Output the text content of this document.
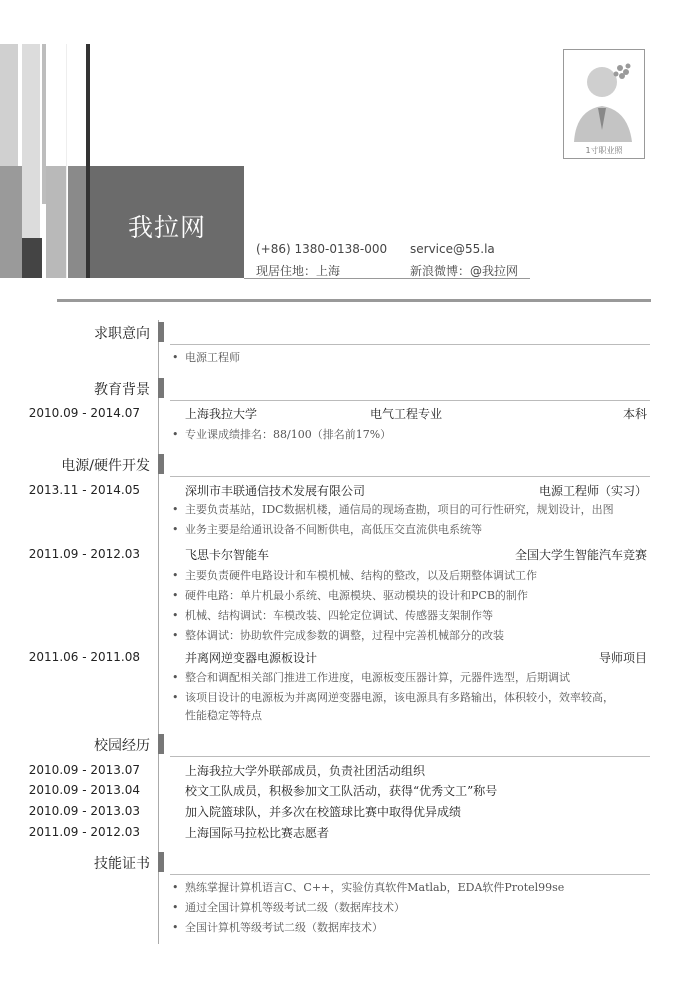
我拉网
(+86) 1380-0138-000 service@55.la
现居住地：上海	新浪微博：@我拉网
1寸职业照
求职意向
• 电源工程师
教育背景
2010.09 - 2014.07	上海我拉大学	电气工程专业	本科
• 专业课成绩排名：88/100（排名前17%）
电源/硬件开发
2013.11 - 2014.05	深圳市丰联通信技术发展有限公司	电源工程师（实习）
• 主要负责基站，IDC数据机楼，通信局的现场查勘，项目的可行性研究，规划设计，出图
• 业务主要是给通讯设备不间断供电，高低压交直流供电系统等
2011.09 - 2012.03	飞思卡尔智能车	全国大学生智能汽车竞赛
• 主要负责硬件电路设计和车模机械、结构的整改，以及后期整体调试工作
• 硬件电路：单片机最小系统、电源模块、驱动模块的设计和PCB的制作
• 机械、结构调试：车模改装、四轮定位调试、传感器支架制作等
• 整体调试：协助软件完成参数的调整，过程中完善机械部分的改装
2011.06 - 2011.08	并离网逆变器电源板设计	导师项目
• 整合和调配相关部门推进工作进度，电源板变压器计算，元器件选型，后期调试
• 该项目设计的电源板为并离网逆变器电源，该电源具有多路输出，体积较小，效率较高，
性能稳定等特点
校园经历
2010.09 - 2013.07	上海我拉大学外联部成员，负责社团活动组织
2010.09 - 2013.04	校文工队成员，积极参加文工队活动，获得“优秀文工”称号
2010.09 - 2013.03	加入院篮球队，并多次在校篮球比赛中取得优异成绩
2011.09 - 2012.03	上海国际马拉松比赛志愿者
技能证书
• 熟练掌握计算机语言C、C++，实验仿真软件Matlab，EDA软件Protel99se
• 通过全国计算机等级考试二级（数据库技术）
• 全国计算机等级考试二级（数据库技术）
